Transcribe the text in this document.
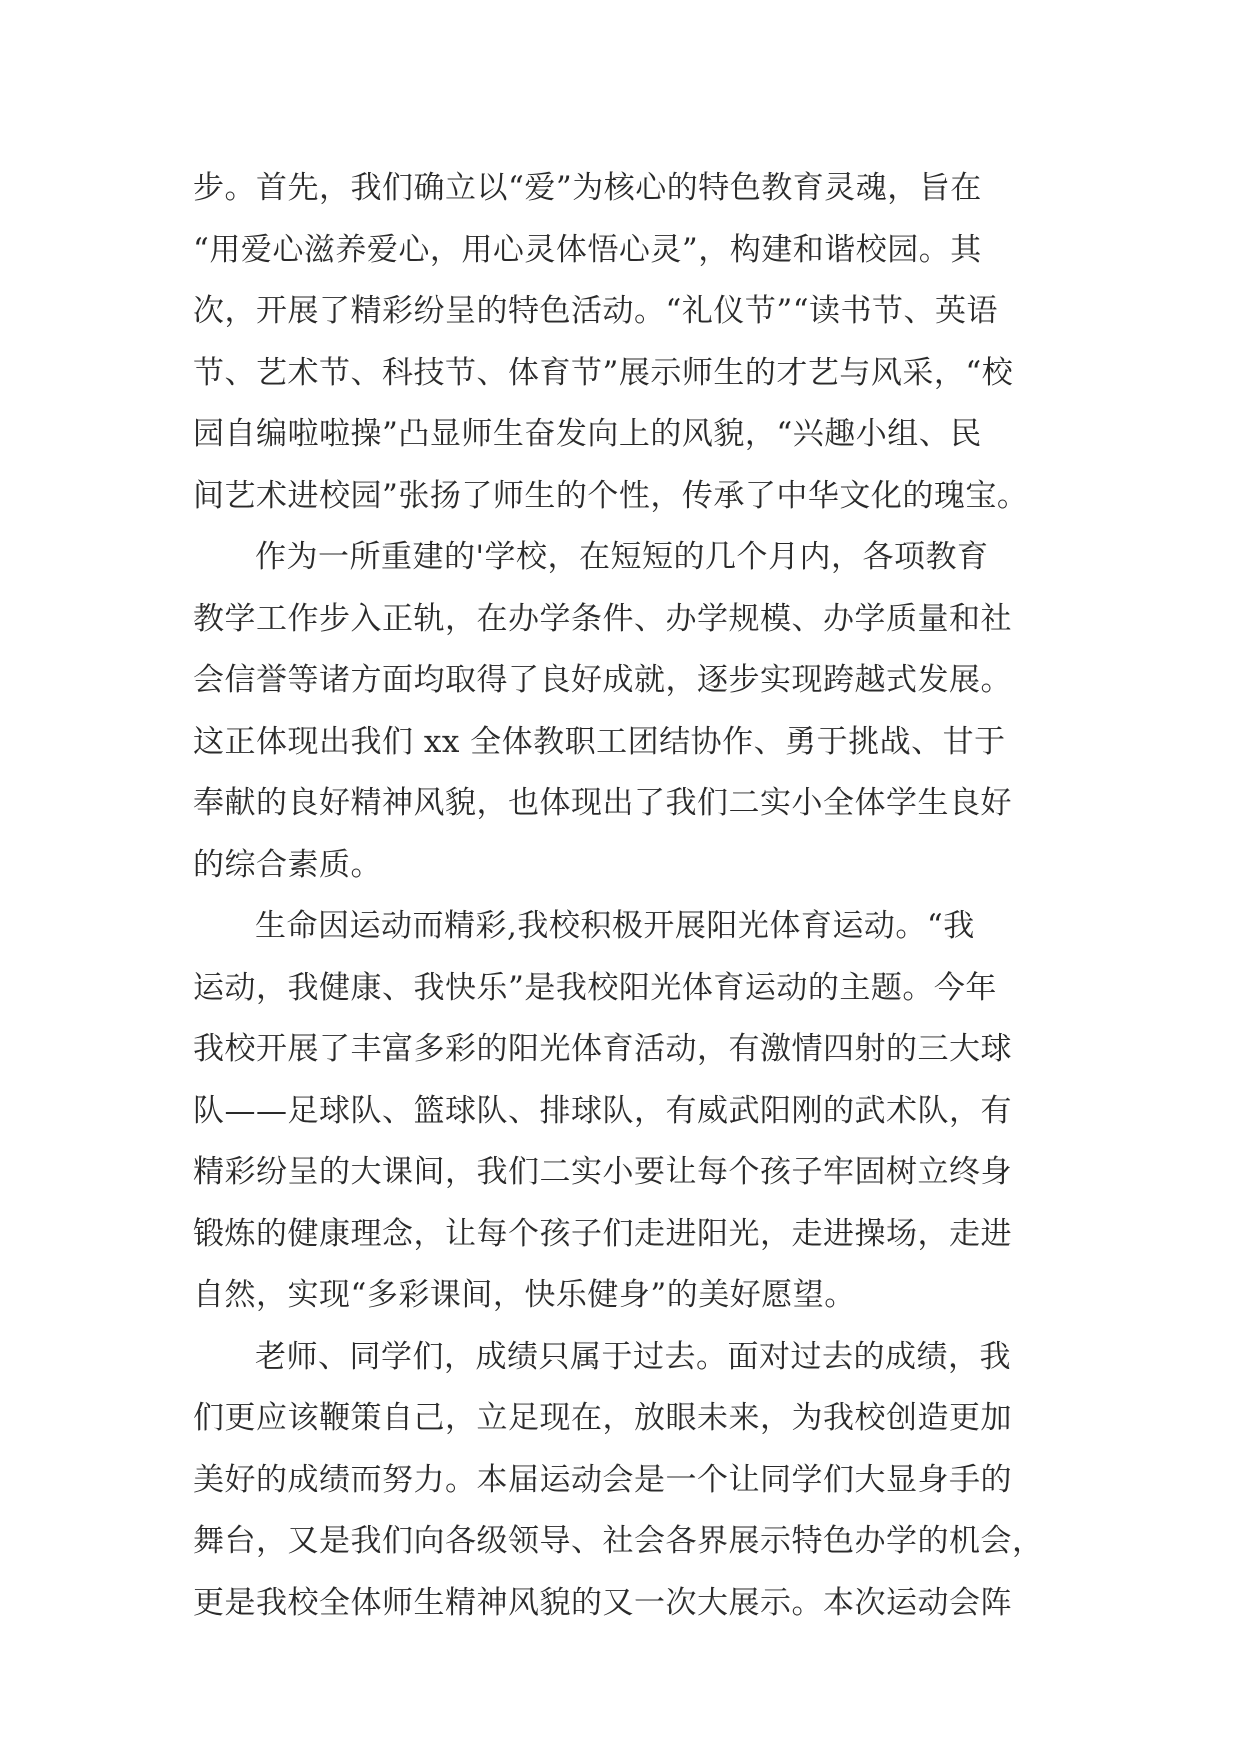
步。首先，我们确立以“爱”为核心的特色教育灵魂，旨在
“用爱心滋养爱心，用心灵体悟心灵”，构建和谐校园。其
次，开展了精彩纷呈的特色活动。“礼仪节”“读书节、英语
节、艺术节、科技节、体育节”展示师生的才艺与风采，“校
园自编啦啦操”凸显师生奋发向上的风貌，“兴趣小组、民
间艺术进校园”张扬了师生的个性，传承了中华文化的瑰宝。
作为一所重建的'学校，在短短的几个月内，各项教育
教学工作步入正轨，在办学条件、办学规模、办学质量和社
会信誉等诸方面均取得了良好成就，逐步实现跨越式发展。
这正体现出我们 xx 全体教职工团结协作、勇于挑战、甘于
奉献的良好精神风貌，也体现出了我们二实小全体学生良好
的综合素质。
生命因运动而精彩,我校积极开展阳光体育运动。“我
运动，我健康、我快乐”是我校阳光体育运动的主题。今年
我校开展了丰富多彩的阳光体育活动，有激情四射的三大球
队——足球队、篮球队、排球队，有威武阳刚的武术队，有
精彩纷呈的大课间，我们二实小要让每个孩子牢固树立终身
锻炼的健康理念，让每个孩子们走进阳光，走进操场，走进
自然，实现“多彩课间，快乐健身”的美好愿望。
老师、同学们，成绩只属于过去。面对过去的成绩，我
们更应该鞭策自己，立足现在，放眼未来，为我校创造更加
美好的成绩而努力。本届运动会是一个让同学们大显身手的
舞台，又是我们向各级领导、社会各界展示特色办学的机会，
更是我校全体师生精神风貌的又一次大展示。本次运动会阵
